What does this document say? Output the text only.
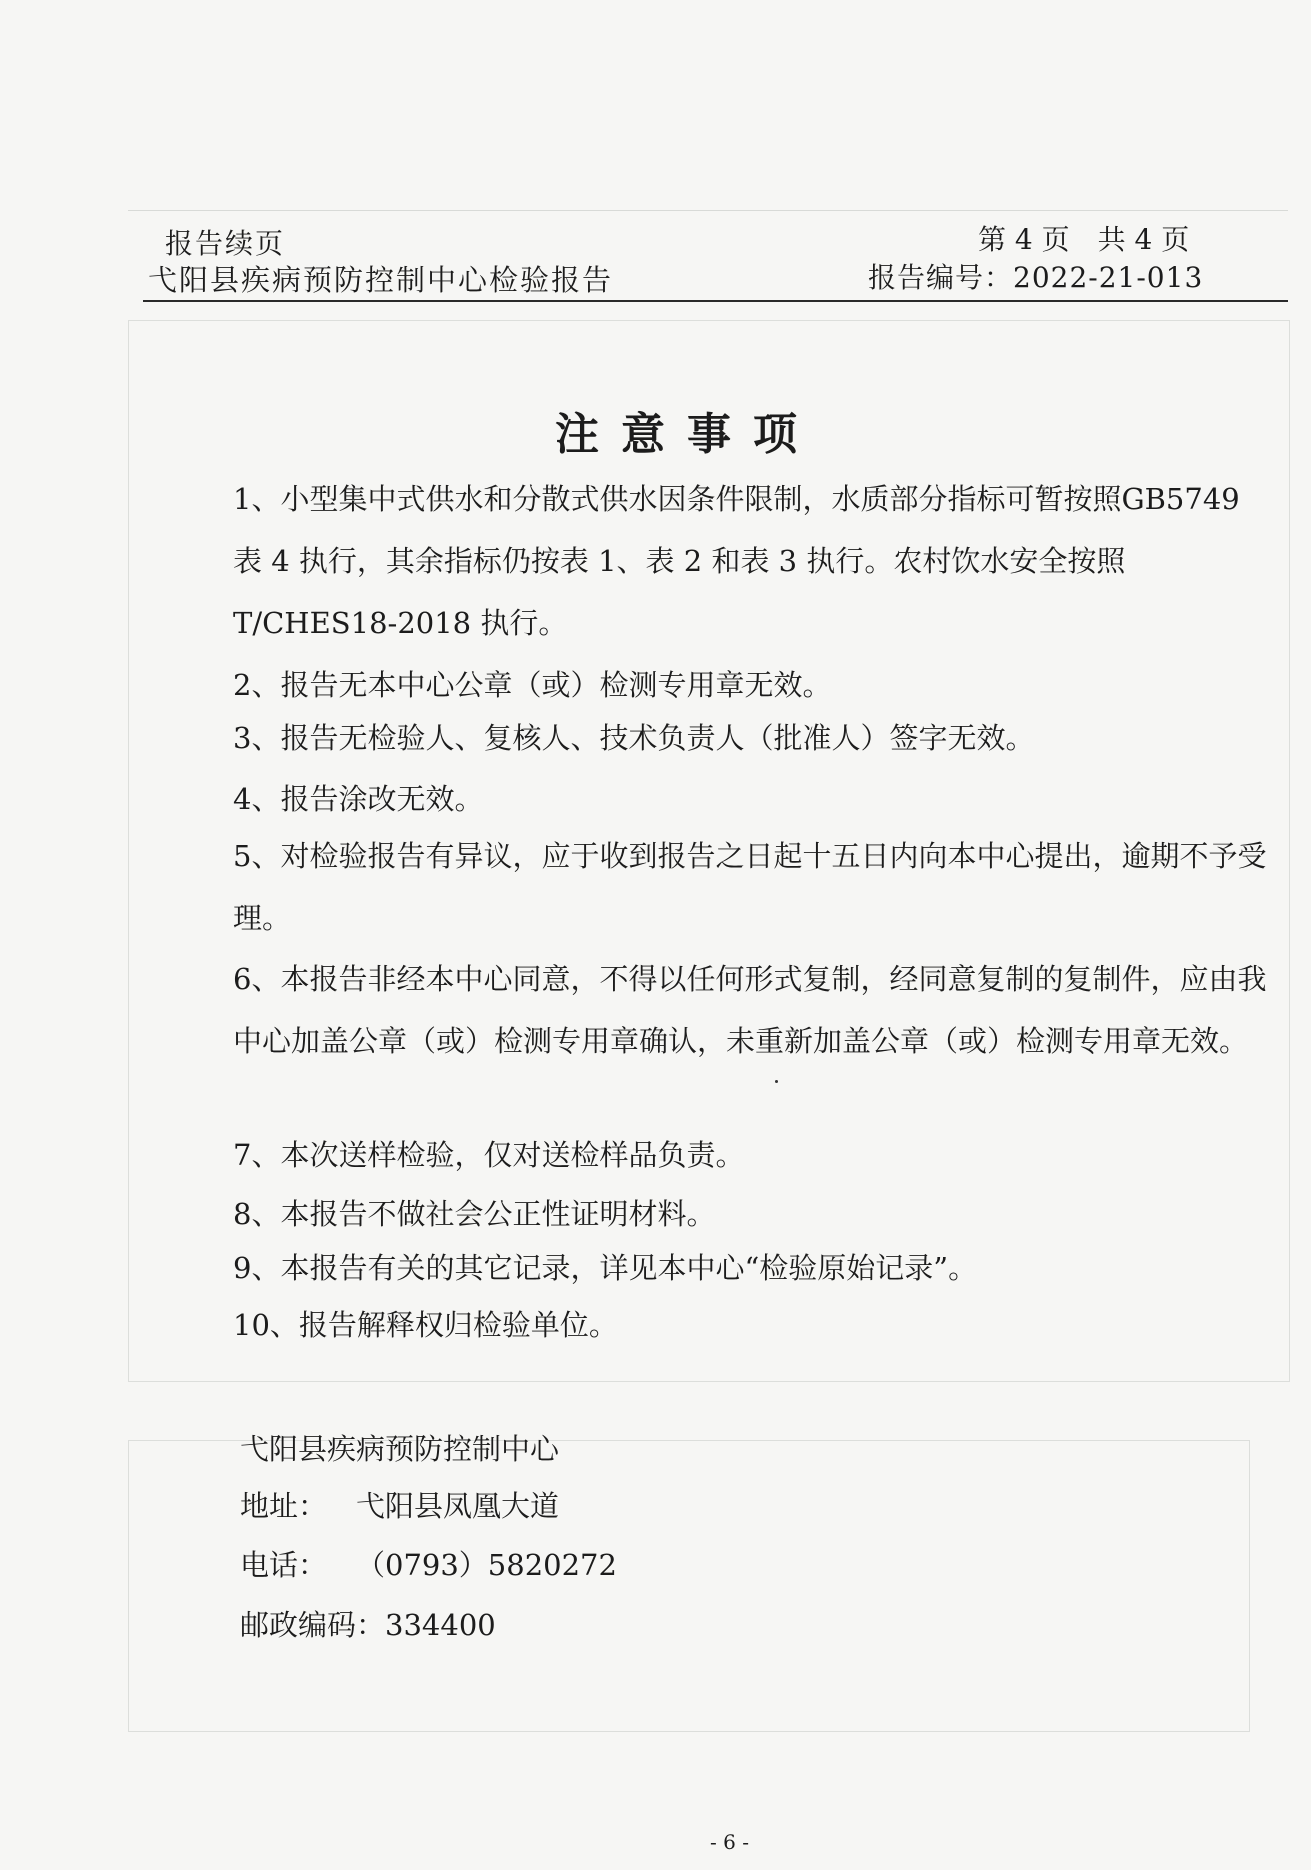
报告续页	第 4 页　共 4 页
弋阳县疾病预防控制中心检验报告	报告编号：2022-21-013
注意事项
1、小型集中式供水和分散式供水因条件限制，水质部分指标可暂按照GB5749 表 4 执行，其余指标仍按表 1、表 2 和表 3 执行。农村饮水安全按照 T/CHES18-2018 执行。
2、报告无本中心公章（或）检测专用章无效。
3、报告无检验人、复核人、技术负责人（批准人）签字无效。
4、报告涂改无效。
5、对检验报告有异议，应于收到报告之日起十五日内向本中心提出，逾期不予受理。
6、本报告非经本中心同意，不得以任何形式复制，经同意复制的复制件，应由我中心加盖公章（或）检测专用章确认，未重新加盖公章（或）检测专用章无效。
7、本次送样检验，仅对送检样品负责。
8、本报告不做社会公正性证明材料。
9、本报告有关的其它记录，详见本中心“检验原始记录”。
10、报告解释权归检验单位。
弋阳县疾病预防控制中心
地址： 弋阳县凤凰大道
电话： （0793）5820272
邮政编码：334400
- 6 -
